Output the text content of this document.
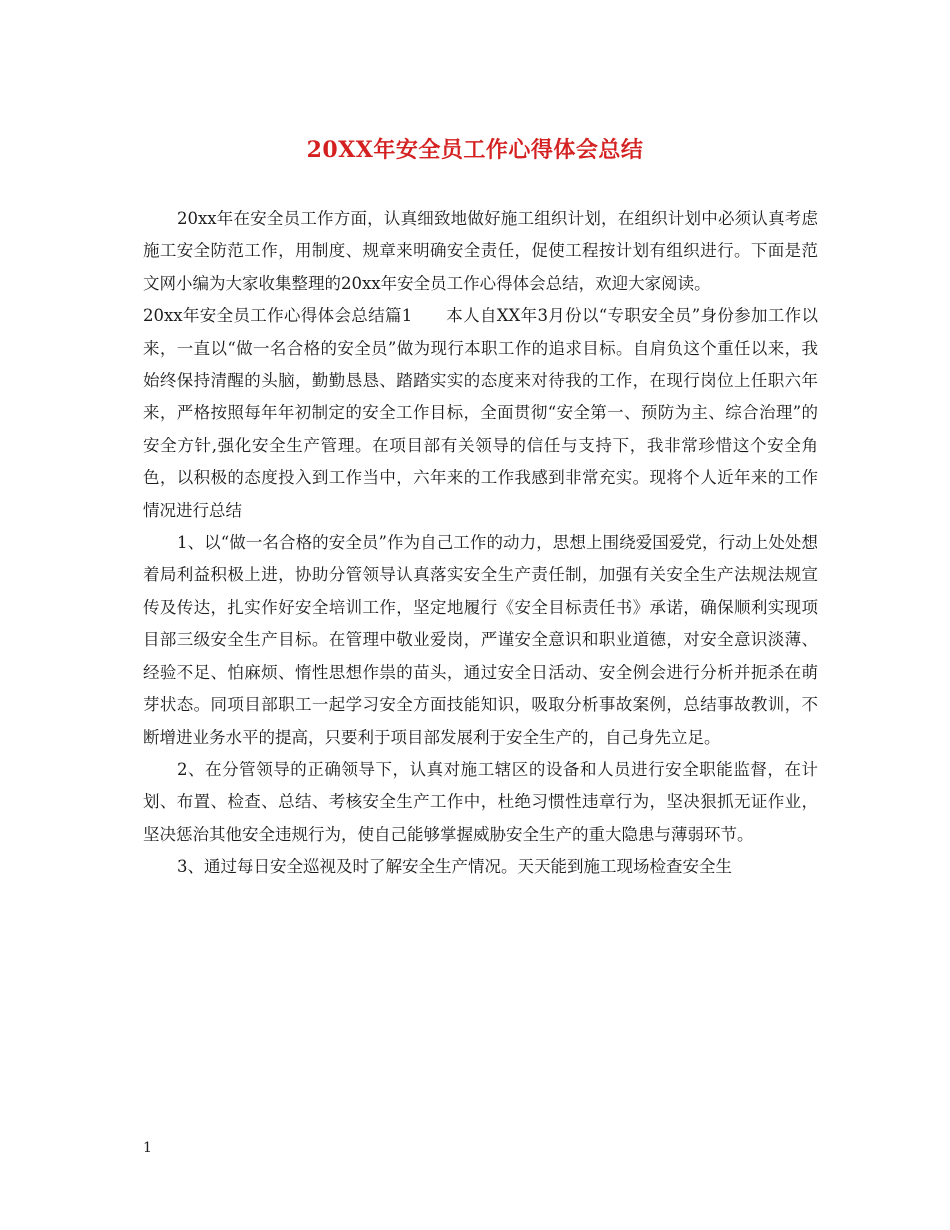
20XX年安全员工作心得体会总结

20xx年在安全员工作方面，认真细致地做好施工组织计划，在组织计划中必须认真考虑施工安全防范工作，用制度、规章来明确安全责任，促使工程按计划有组织进行。下面是范文网小编为大家收集整理的20xx年安全员工作心得体会总结，欢迎大家阅读。

20xx年安全员工作心得体会总结篇1　　本人自XX年3月份以“专职安全员”身份参加工作以来，一直以“做一名合格的安全员”做为现行本职工作的追求目标。自肩负这个重任以来，我始终保持清醒的头脑，勤勤恳恳、踏踏实实的态度来对待我的工作，在现行岗位上任职六年来，严格按照每年年初制定的安全工作目标，全面贯彻“安全第一、预防为主、综合治理”的安全方针,强化安全生产管理。在项目部有关领导的信任与支持下，我非常珍惜这个安全角色，以积极的态度投入到工作当中，六年来的工作我感到非常充实。现将个人近年来的工作情况进行总结

1、以“做一名合格的安全员”作为自己工作的动力，思想上围绕爱国爱党，行动上处处想着局利益积极上进，协助分管领导认真落实安全生产责任制，加强有关安全生产法规法规宣传及传达，扎实作好安全培训工作，坚定地履行《安全目标责任书》承诺，确保顺利实现项目部三级安全生产目标。在管理中敬业爱岗，严谨安全意识和职业道德，对安全意识淡薄、经验不足、怕麻烦、惰性思想作祟的苗头，通过安全日活动、安全例会进行分析并扼杀在萌芽状态。同项目部职工一起学习安全方面技能知识，吸取分析事故案例，总结事故教训，不断增进业务水平的提高，只要利于项目部发展利于安全生产的，自己身先立足。

2、在分管领导的正确领导下，认真对施工辖区的设备和人员进行安全职能监督，在计划、布置、检查、总结、考核安全生产工作中，杜绝习惯性违章行为，坚决狠抓无证作业，坚决惩治其他安全违规行为，使自己能够掌握威胁安全生产的重大隐患与薄弱环节。

3、通过每日安全巡视及时了解安全生产情况。天天能到施工现场检查安全生

1
